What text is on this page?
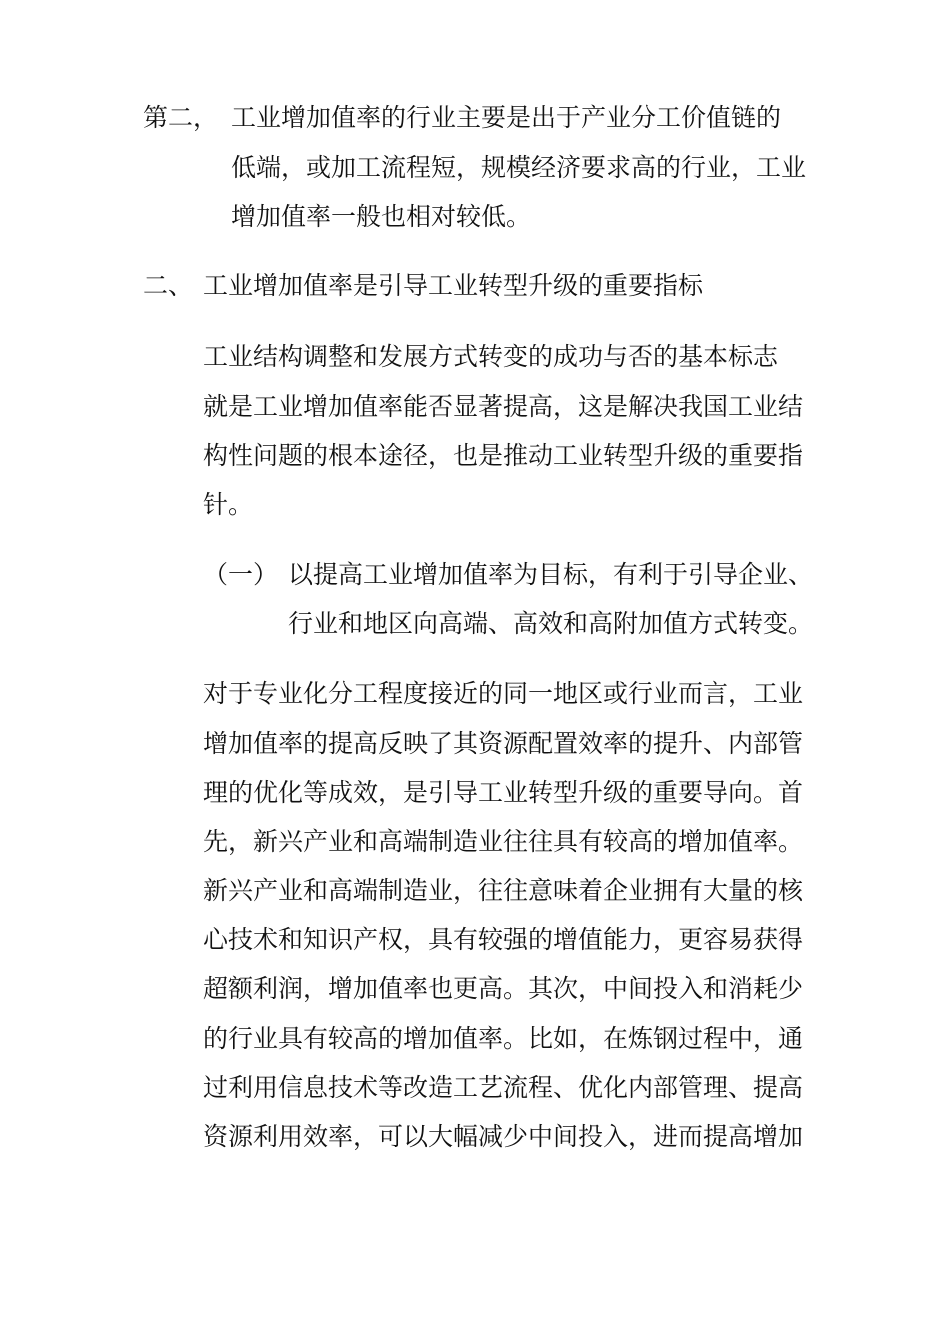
第二， 工业增加值率的行业主要是出于产业分工价值链的
低端，或加工流程短，规模经济要求高的行业，工业
增加值率一般也相对较低。
二、 工业增加值率是引导工业转型升级的重要指标
工业结构调整和发展方式转变的成功与否的基本标志
就是工业增加值率能否显著提高，这是解决我国工业结
构性问题的根本途径，也是推动工业转型升级的重要指
针。
（一） 以提高工业增加值率为目标，有利于引导企业、
行业和地区向高端、高效和高附加值方式转变。
对于专业化分工程度接近的同一地区或行业而言，工业
增加值率的提高反映了其资源配置效率的提升、内部管
理的优化等成效，是引导工业转型升级的重要导向。首
先，新兴产业和高端制造业往往具有较高的增加值率。
新兴产业和高端制造业，往往意味着企业拥有大量的核
心技术和知识产权，具有较强的增值能力，更容易获得
超额利润，增加值率也更高。其次，中间投入和消耗少
的行业具有较高的增加值率。比如，在炼钢过程中，通
过利用信息技术等改造工艺流程、优化内部管理、提高
资源利用效率，可以大幅减少中间投入，进而提高增加
